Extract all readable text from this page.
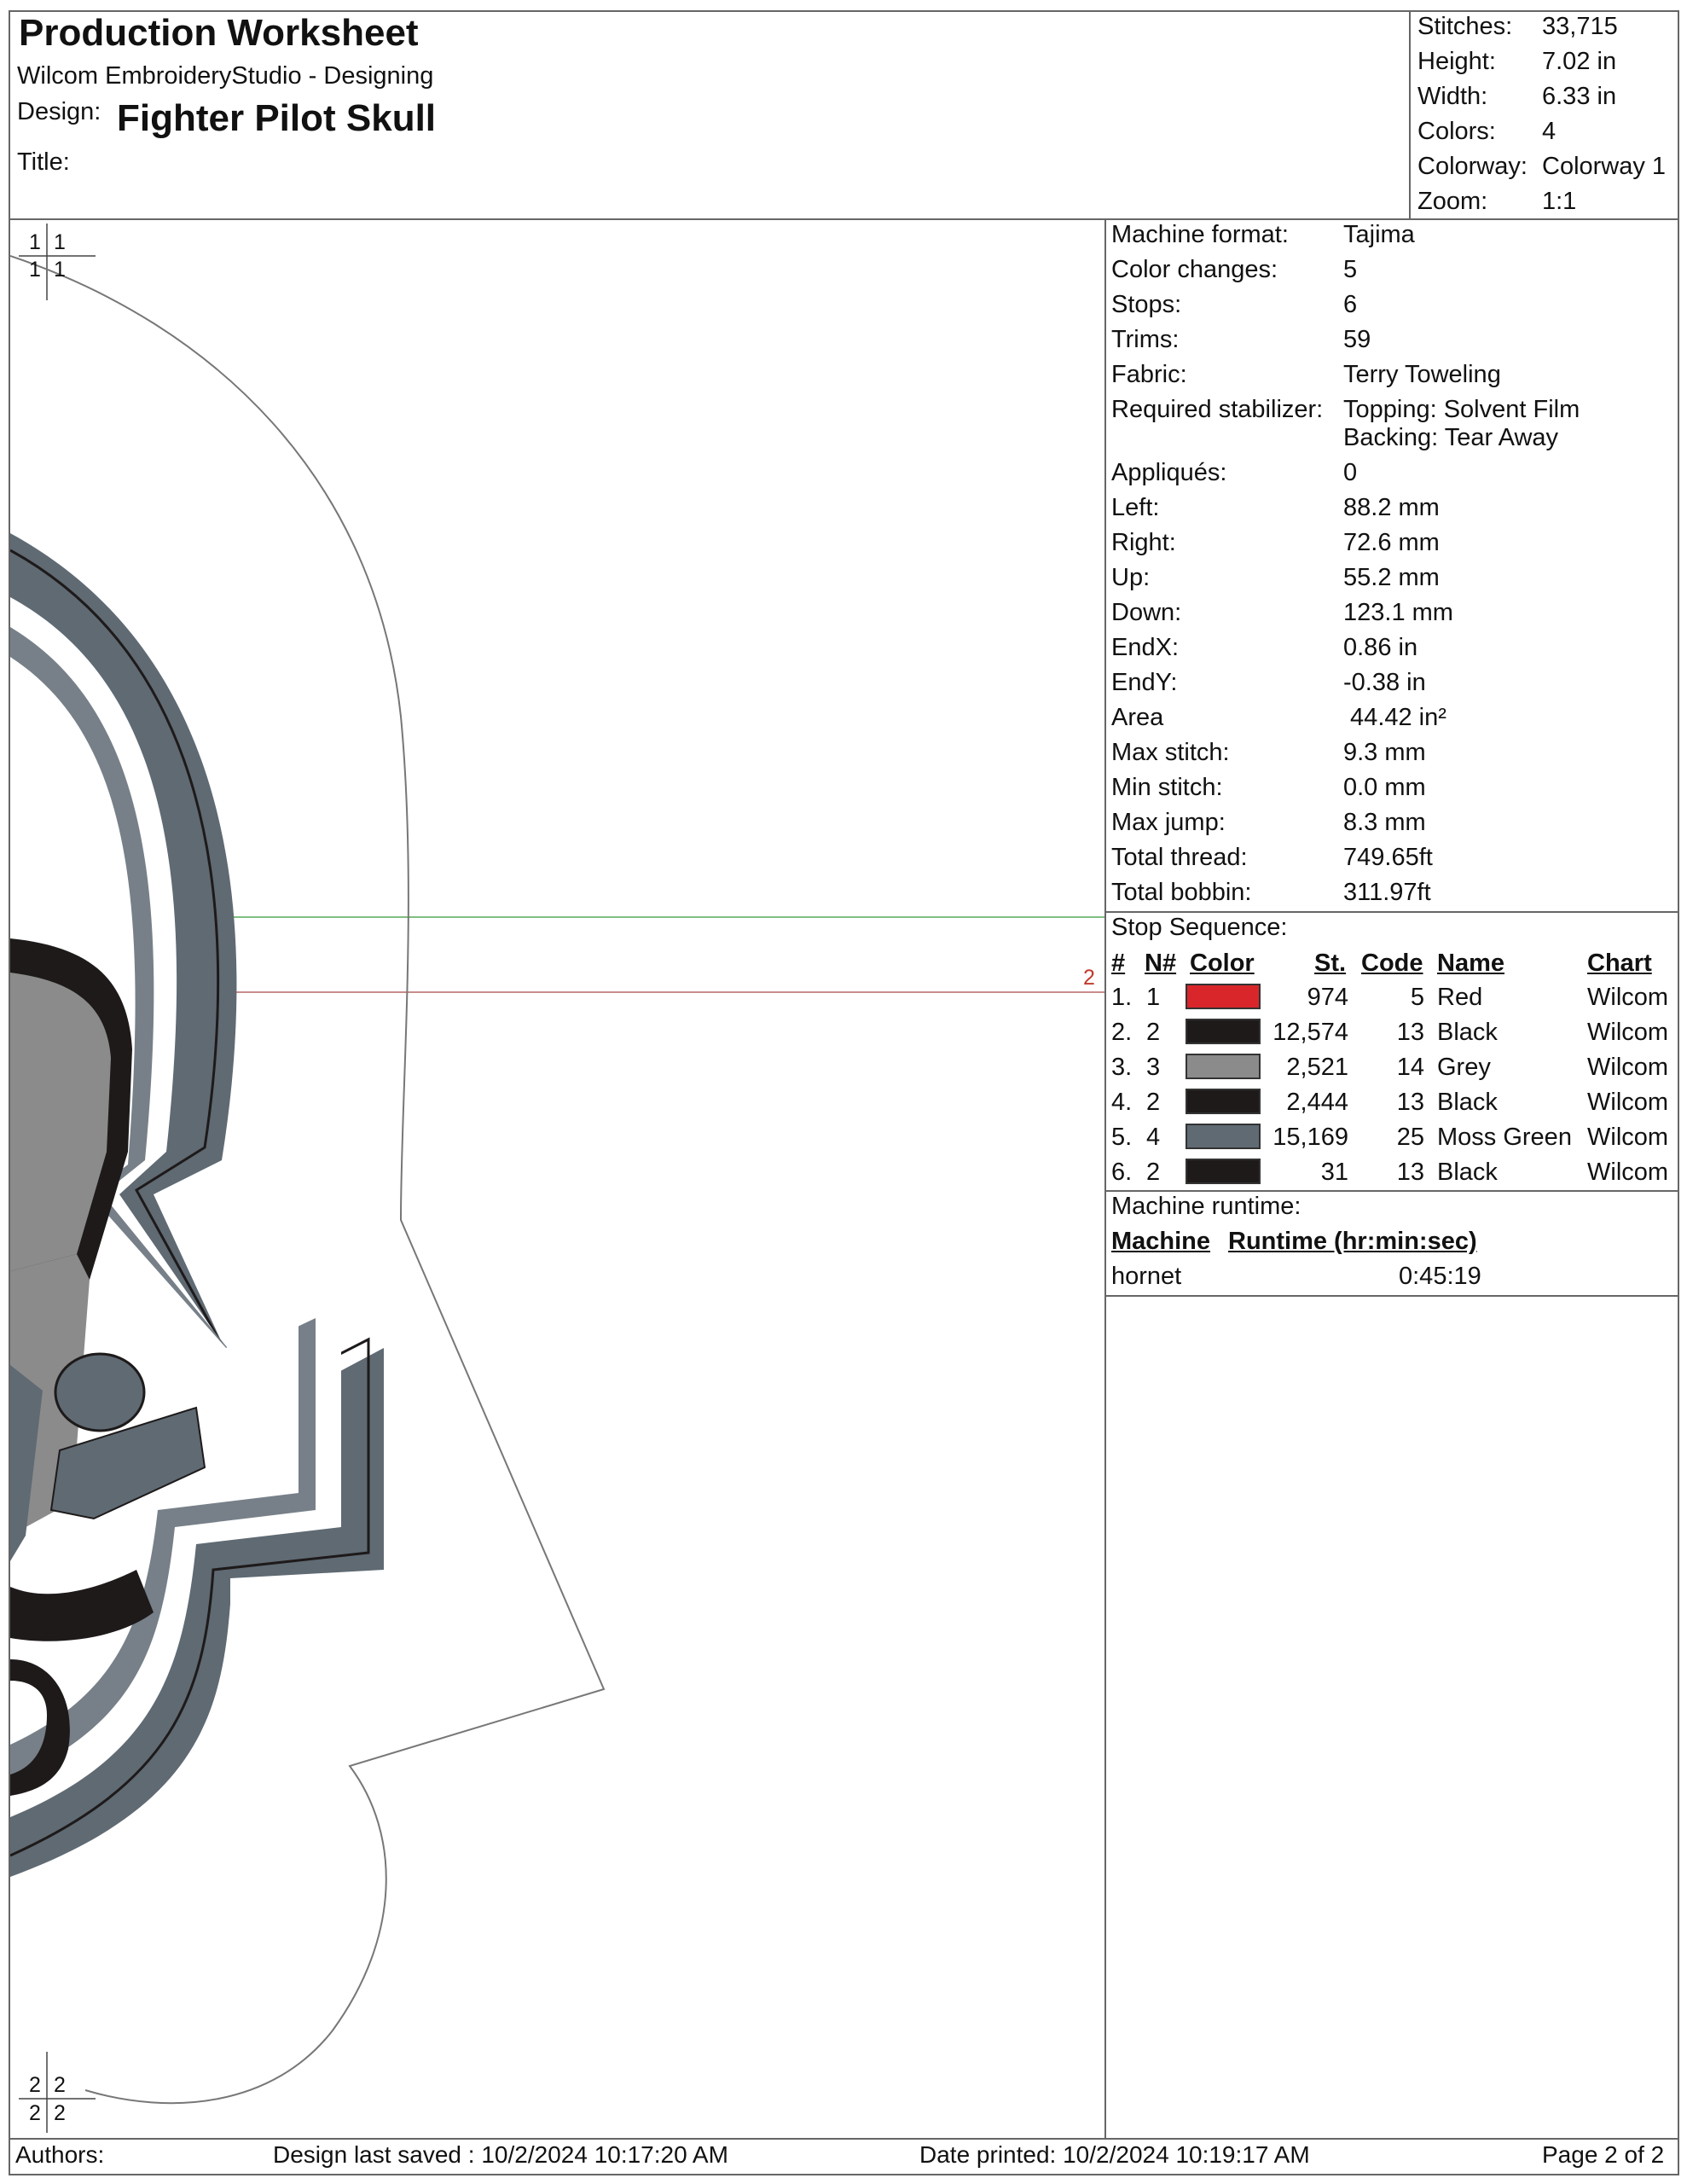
Production Worksheet
Wilcom EmbroideryStudio - Designing
Design: Fighter Pilot Skull
Title:
Stitches: 33,715
Height: 7.02 in
Width: 6.33 in
Colors: 4
Colorway: Colorway 1
Zoom: 1:1
1 1
1 1
2 2
2 2
2
Machine format: Tajima
Color changes:	5
Stops:	6
Trims:	59
Fabric:	Terry Toweling
Required stabilizer: Topping: Solvent Film
Backing: Tear Away
Appliqués:	0
Left:	88.2 mm
Right:	72.6 mm
Up:	55.2 mm
Down:	123.1 mm
EndX:	0.86 in
EndY:	-0.38 in
Area	44.42 in²
Max stitch:	9.3 mm
Min stitch:	0.0 mm
Max jump:	8.3 mm
Total thread:	749.65ft
Total bobbin:	311.97ft
Stop Sequence:
# N# Color St. Code Name	Chart
1. 1	974	5 Red	Wilcom
2. 2	12,574	13 Black	Wilcom
3. 3	2,521	14 Grey	Wilcom
4. 2	2,444	13 Black	Wilcom
5. 4	15,169	25 Moss Green Wilcom
6. 2	31	13 Black	Wilcom
Machine runtime:
Machine Runtime (hr:min:sec)
hornet	0:45:19
Authors:	Design last saved : 10/2/2024 10:17:20 AM	Date printed: 10/2/2024 10:19:17 AM	Page 2 of 2
